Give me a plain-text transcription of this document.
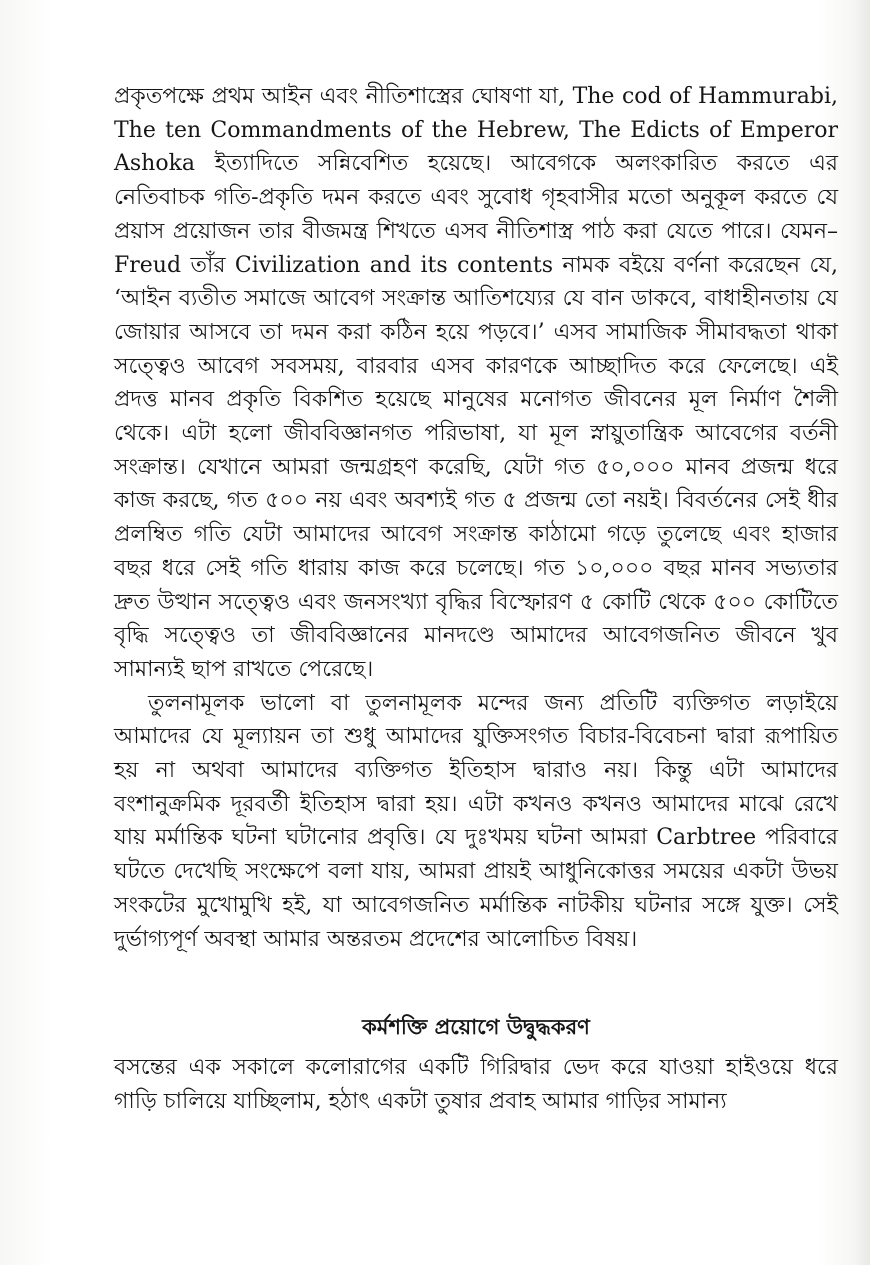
প্রকৃতপক্ষে প্রথম আইন এবং নীতিশাস্ত্রের ঘোষণা যা, The cod of Hammurabi, The ten Commandments of the Hebrew, The Edicts of Emperor Ashoka ইত্যাদিতে সন্নিবেশিত হয়েছে। আবেগকে অলংকারিত করতে এর নেতিবাচক গতি-প্রকৃতি দমন করতে এবং সুবোধ গৃহবাসীর মতো অনুকূল করতে যে প্রয়াস প্রয়োজন তার বীজমন্ত্র শিখতে এসব নীতিশাস্ত্র পাঠ করা যেতে পারে। যেমন– Freud তাঁর Civilization and its contents নামক বইয়ে বর্ণনা করেছেন যে, ‘আইন ব্যতীত সমাজে আবেগ সংক্রান্ত আতিশয্যের যে বান ডাকবে, বাধাহীনতায় যে জোয়ার আসবে তা দমন করা কঠিন হয়ে পড়বে।’ এসব সামাজিক সীমাবদ্ধতা থাকা সত্ত্বেও আবেগ সবসময়, বারবার এসব কারণকে আচ্ছাদিত করে ফেলেছে। এই প্রদত্ত মানব প্রকৃতি বিকশিত হয়েছে মানুষের মনোগত জীবনের মূল নির্মাণ শৈলী থেকে। এটা হলো জীববিজ্ঞানগত পরিভাষা, যা মূল স্নায়ুতান্ত্রিক আবেগের বর্তনী সংক্রান্ত। যেখানে আমরা জন্মগ্রহণ করেছি, যেটা গত ৫০,০০০ মানব প্রজন্ম ধরে কাজ করছে, গত ৫০০ নয় এবং অবশ্যই গত ৫ প্রজন্ম তো নয়ই। বিবর্তনের সেই ধীর প্রলম্বিত গতি যেটা আমাদের আবেগ সংক্রান্ত কাঠামো গড়ে তুলেছে এবং হাজার বছর ধরে সেই গতি ধারায় কাজ করে চলেছে। গত ১০,০০০ বছর মানব সভ্যতার দ্রুত উত্থান সত্ত্বেও এবং জনসংখ্যা বৃদ্ধির বিস্ফোরণ ৫ কোটি থেকে ৫০০ কোটিতে বৃদ্ধি সত্ত্বেও তা জীববিজ্ঞানের মানদণ্ডে আমাদের আবেগজনিত জীবনে খুব সামান্যই ছাপ রাখতে পেরেছে।

তুলনামূলক ভালো বা তুলনামূলক মন্দের জন্য প্রতিটি ব্যক্তিগত লড়াইয়ে আমাদের যে মূল্যায়ন তা শুধু আমাদের যুক্তিসংগত বিচার-বিবেচনা দ্বারা রূপায়িত হয় না অথবা আমাদের ব্যক্তিগত ইতিহাস দ্বারাও নয়। কিন্তু এটা আমাদের বংশানুক্রমিক দূরবর্তী ইতিহাস দ্বারা হয়। এটা কখনও কখনও আমাদের মাঝে রেখে যায় মর্মান্তিক ঘটনা ঘটানোর প্রবৃত্তি। যে দুঃখময় ঘটনা আমরা Carbtree পরিবারে ঘটতে দেখেছি সংক্ষেপে বলা যায়, আমরা প্রায়ই আধুনিকোত্তর সময়ের একটা উভয় সংকটের মুখোমুখি হই, যা আবেগজনিত মর্মান্তিক নাটকীয় ঘটনার সঙ্গে যুক্ত। সেই দুর্ভাগ্যপূর্ণ অবস্থা আমার অন্তরতম প্রদেশের আলোচিত বিষয়।

কর্মশক্তি প্রয়োগে উদ্বুদ্ধকরণ

বসন্তের এক সকালে কলোরাগের একটি গিরিদ্বার ভেদ করে যাওয়া হাইওয়ে ধরে গাড়ি চালিয়ে যাচ্ছিলাম, হঠাৎ একটা তুষার প্রবাহ আমার গাড়ির সামান্য
